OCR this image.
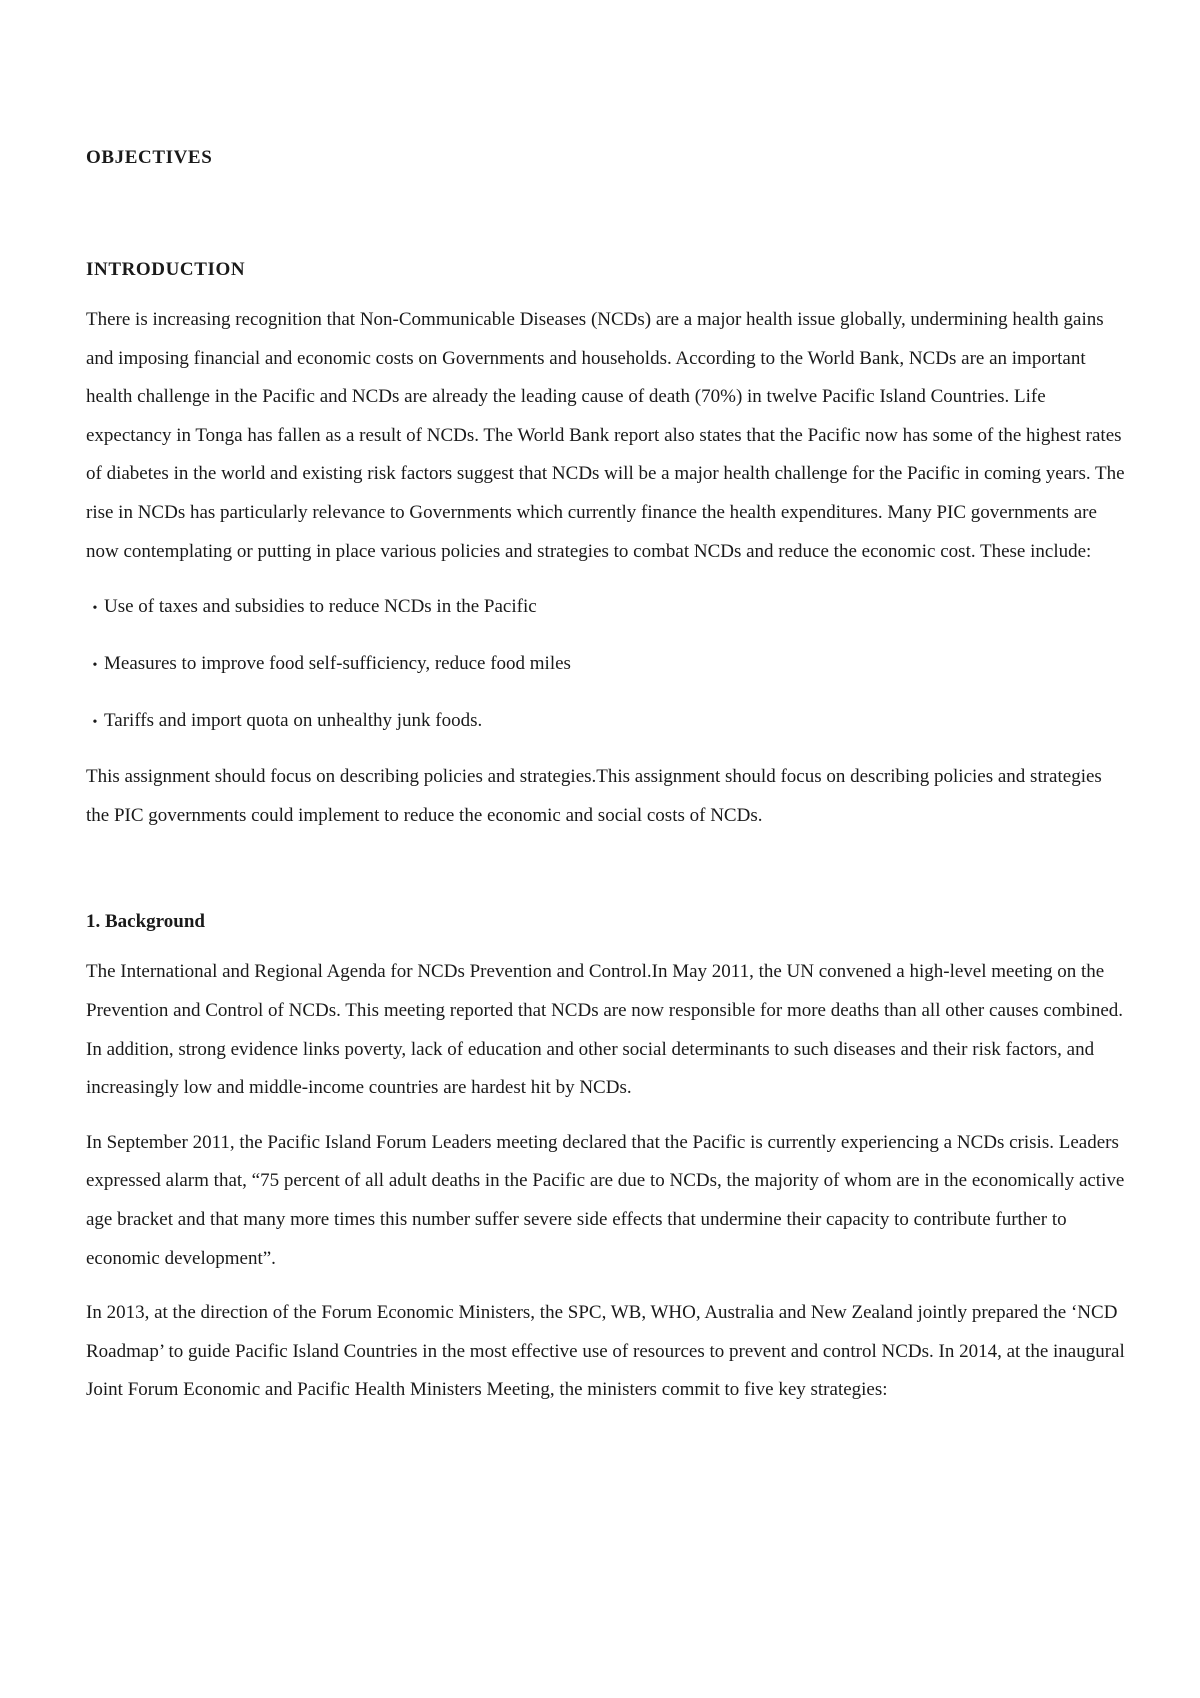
OBJECTIVES
INTRODUCTION

There is increasing recognition that Non-Communicable Diseases (NCDs) are a major health issue globally, undermining health gains and imposing financial and economic costs on Governments and households. According to the World Bank, NCDs are an important health challenge in the Pacific and NCDs are already the leading cause of death (70%) in twelve Pacific Island Countries. Life expectancy in Tonga has fallen as a result of NCDs. The World Bank report also states that the Pacific now has some of the highest rates of diabetes in the world and existing risk factors suggest that NCDs will be a major health challenge for the Pacific in coming years. The rise in NCDs has particularly relevance to Governments which currently finance the health expenditures. Many PIC governments are now contemplating or putting in place various policies and strategies to combat NCDs and reduce the economic cost. These include:

• Use of taxes and subsidies to reduce NCDs in the Pacific
• Measures to improve food self-sufficiency, reduce food miles
• Tariffs and import quota on unhealthy junk foods.

This assignment should focus on describing policies and strategies.This assignment should focus on describing policies and strategies the PIC governments could implement to reduce the economic and social costs of NCDs.

1. Background

The International and Regional Agenda for NCDs Prevention and Control.In May 2011, the UN convened a high-level meeting on the Prevention and Control of NCDs. This meeting reported that NCDs are now responsible for more deaths than all other causes combined. In addition, strong evidence links poverty, lack of education and other social determinants to such diseases and their risk factors, and increasingly low and middle-income countries are hardest hit by NCDs.

In September 2011, the Pacific Island Forum Leaders meeting declared that the Pacific is currently experiencing a NCDs crisis. Leaders expressed alarm that, “75 percent of all adult deaths in the Pacific are due to NCDs, the majority of whom are in the economically active age bracket and that many more times this number suffer severe side effects that undermine their capacity to contribute further to economic development”.

In 2013, at the direction of the Forum Economic Ministers, the SPC, WB, WHO, Australia and New Zealand jointly prepared the ‘NCD Roadmap’ to guide Pacific Island Countries in the most effective use of resources to prevent and control NCDs. In 2014, at the inaugural Joint Forum Economic and Pacific Health Ministers Meeting, the ministers commit to five key strategies:
